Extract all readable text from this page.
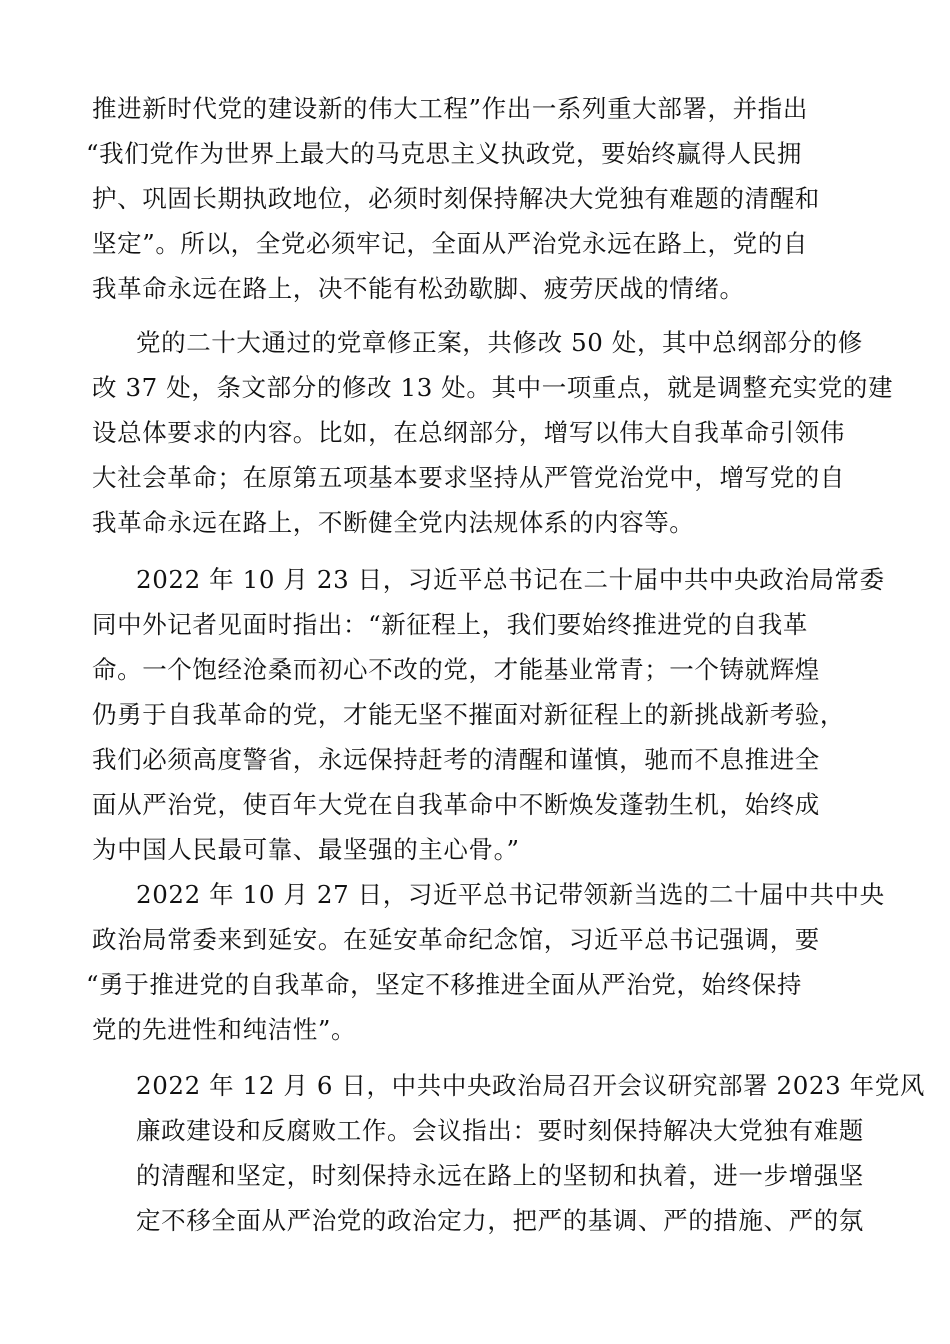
推进新时代党的建设新的伟大工程”作出一系列重大部署，并指出
“我们党作为世界上最大的马克思主义执政党，要始终赢得人民拥
护、巩固长期执政地位，必须时刻保持解决大党独有难题的清醒和
坚定”。所以，全党必须牢记，全面从严治党永远在路上，党的自
我革命永远在路上，决不能有松劲歇脚、疲劳厌战的情绪。
党的二十大通过的党章修正案，共修改 50 处，其中总纲部分的修
改 37 处，条文部分的修改 13 处。其中一项重点，就是调整充实党的建
设总体要求的内容。比如，在总纲部分，增写以伟大自我革命引领伟
大社会革命；在原第五项基本要求坚持从严管党治党中，增写党的自
我革命永远在路上，不断健全党内法规体系的内容等。
2022 年 10 月 23 日，习近平总书记在二十届中共中央政治局常委
同中外记者见面时指出：“新征程上，我们要始终推进党的自我革
命。一个饱经沧桑而初心不改的党，才能基业常青；一个铸就辉煌
仍勇于自我革命的党，才能无坚不摧面对新征程上的新挑战新考验，
我们必须高度警省，永远保持赶考的清醒和谨慎，驰而不息推进全
面从严治党，使百年大党在自我革命中不断焕发蓬勃生机，始终成
为中国人民最可靠、最坚强的主心骨。”
2022 年 10 月 27 日，习近平总书记带领新当选的二十届中共中央
政治局常委来到延安。在延安革命纪念馆，习近平总书记强调，要
“勇于推进党的自我革命，坚定不移推进全面从严治党，始终保持
党的先进性和纯洁性”。
2022 年 12 月 6 日，中共中央政治局召开会议研究部署 2023 年党风
廉政建设和反腐败工作。会议指出：要时刻保持解决大党独有难题
的清醒和坚定，时刻保持永远在路上的坚韧和执着，进一步增强坚
定不移全面从严治党的政治定力，把严的基调、严的措施、严的氛
